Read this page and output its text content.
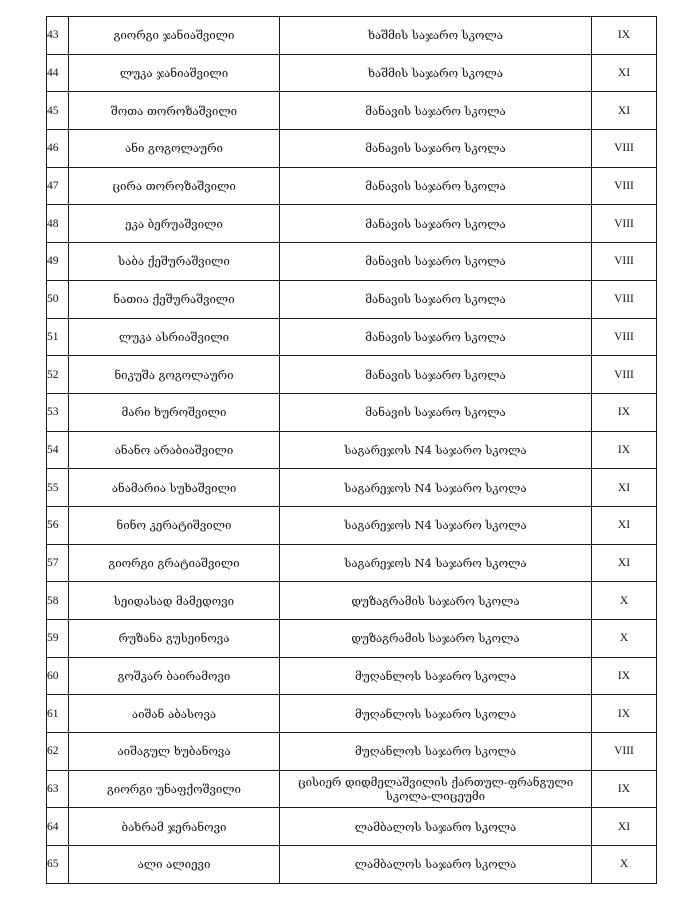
43	გიორგი ჯანიაშვილი	ხაშმის საჯარო სკოლა	IX
44	ლუკა ჯანიაშვილი	ხაშმის საჯარო სკოლა	XI
45	შოთა თოროზაშვილი	მანავის საჯარო სკოლა	XI
46	ანი გოგოლაური	მანავის საჯარო სკოლა	VIII
47	ცირა თოროზაშვილი	მანავის საჯარო სკოლა	VIII
48	ეკა ბერუაშვილი	მანავის საჯარო სკოლა	VIII
49	საბა ქეშურაშვილი	მანავის საჯარო სკოლა	VIII
50	ნათია ქეშურაშვილი	მანავის საჯარო სკოლა	VIII
51	ლუკა ასრიაშვილი	მანავის საჯარო სკოლა	VIII
52	ნიკუშა გოგოლაური	მანავის საჯარო სკოლა	VIII
53	მარი ხუროშვილი	მანავის საჯარო სკოლა	IX
54	ანანო არაბიაშვილი	საგარეჯოს N4 საჯარო სკოლა	IX
55	ანამარია სუხაშვილი	საგარეჯოს N4 საჯარო სკოლა	XI
56	ნინო კერატიშვილი	საგარეჯოს N4 საჯარო სკოლა	XI
57	გიორგი გრატიაშვილი	საგარეჯოს N4 საჯარო სკოლა	XI
58	სეიდასად მამედოვი	დუზაგრამის საჯარო სკოლა	X
59	რუზანა გუსეინოვა	დუზაგრამის საჯარო სკოლა	X
60	გოშკარ ბაირამოვი	მუღანლოს საჯარო სკოლა	IX
61	აიშან აბასოვა	მუღანლოს საჯარო სკოლა	IX
62	აიშაგულ ხუბანოვა	მუღანლოს საჯარო სკოლა	VIII
63	გიორგი უნაფქოშვილი	ცისიერ დიდმელაშვილის ქართულ-ფრანგული სკოლა-ლიცეუმი	IX
64	ბახრამ ჯერანოვი	ლამბალოს საჯარო სკოლა	XI
65	ალი ალიევი	ლამბალოს საჯარო სკოლა	X
